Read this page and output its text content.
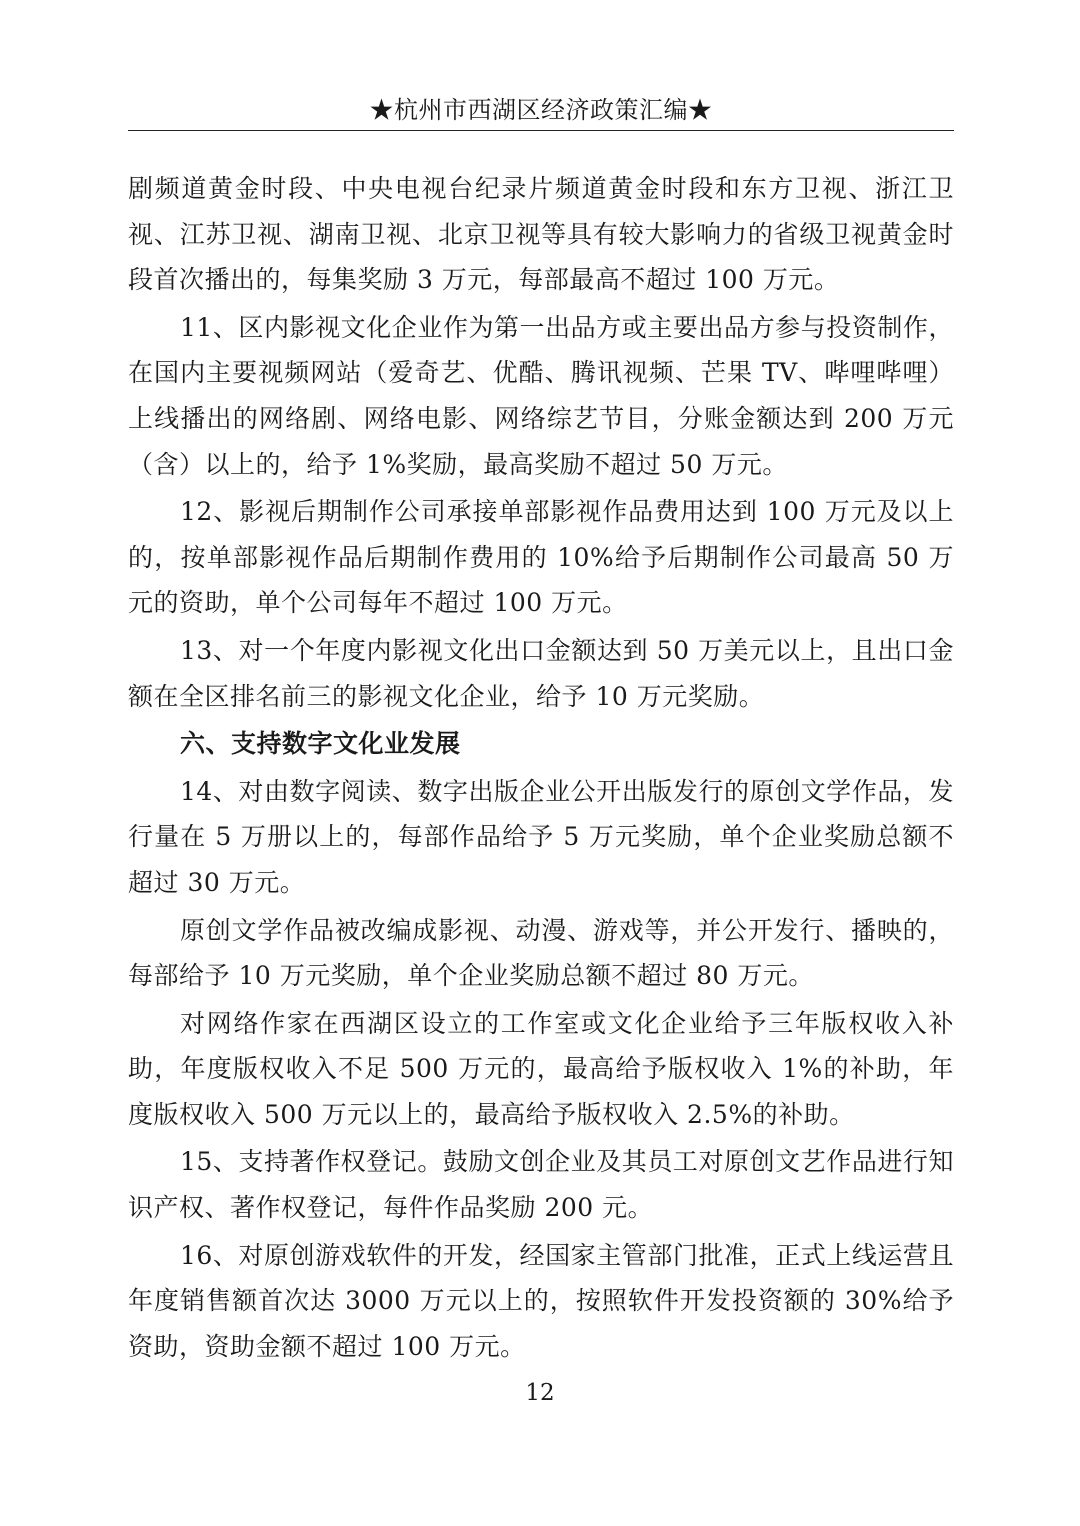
★杭州市西湖区经济政策汇编★

剧频道黄金时段、中央电视台纪录片频道黄金时段和东方卫视、浙江卫视、江苏卫视、湖南卫视、北京卫视等具有较大影响力的省级卫视黄金时段首次播出的，每集奖励 3 万元，每部最高不超过 100 万元。

11、区内影视文化企业作为第一出品方或主要出品方参与投资制作，在国内主要视频网站（爱奇艺、优酷、腾讯视频、芒果 TV、哔哩哔哩）上线播出的网络剧、网络电影、网络综艺节目，分账金额达到 200 万元（含）以上的，给予 1%奖励，最高奖励不超过 50 万元。

12、影视后期制作公司承接单部影视作品费用达到 100 万元及以上的，按单部影视作品后期制作费用的 10%给予后期制作公司最高 50 万元的资助，单个公司每年不超过 100 万元。

13、对一个年度内影视文化出口金额达到 50 万美元以上，且出口金额在全区排名前三的影视文化企业，给予 10 万元奖励。

六、支持数字文化业发展

14、对由数字阅读、数字出版企业公开出版发行的原创文学作品，发行量在 5 万册以上的，每部作品给予 5 万元奖励，单个企业奖励总额不超过 30 万元。

原创文学作品被改编成影视、动漫、游戏等，并公开发行、播映的，每部给予 10 万元奖励，单个企业奖励总额不超过 80 万元。

对网络作家在西湖区设立的工作室或文化企业给予三年版权收入补助，年度版权收入不足 500 万元的，最高给予版权收入 1%的补助，年度版权收入 500 万元以上的，最高给予版权收入 2.5%的补助。

15、支持著作权登记。鼓励文创企业及其员工对原创文艺作品进行知识产权、著作权登记，每件作品奖励 200 元。

16、对原创游戏软件的开发，经国家主管部门批准，正式上线运营且年度销售额首次达 3000 万元以上的，按照软件开发投资额的 30%给予资助，资助金额不超过 100 万元。

12
